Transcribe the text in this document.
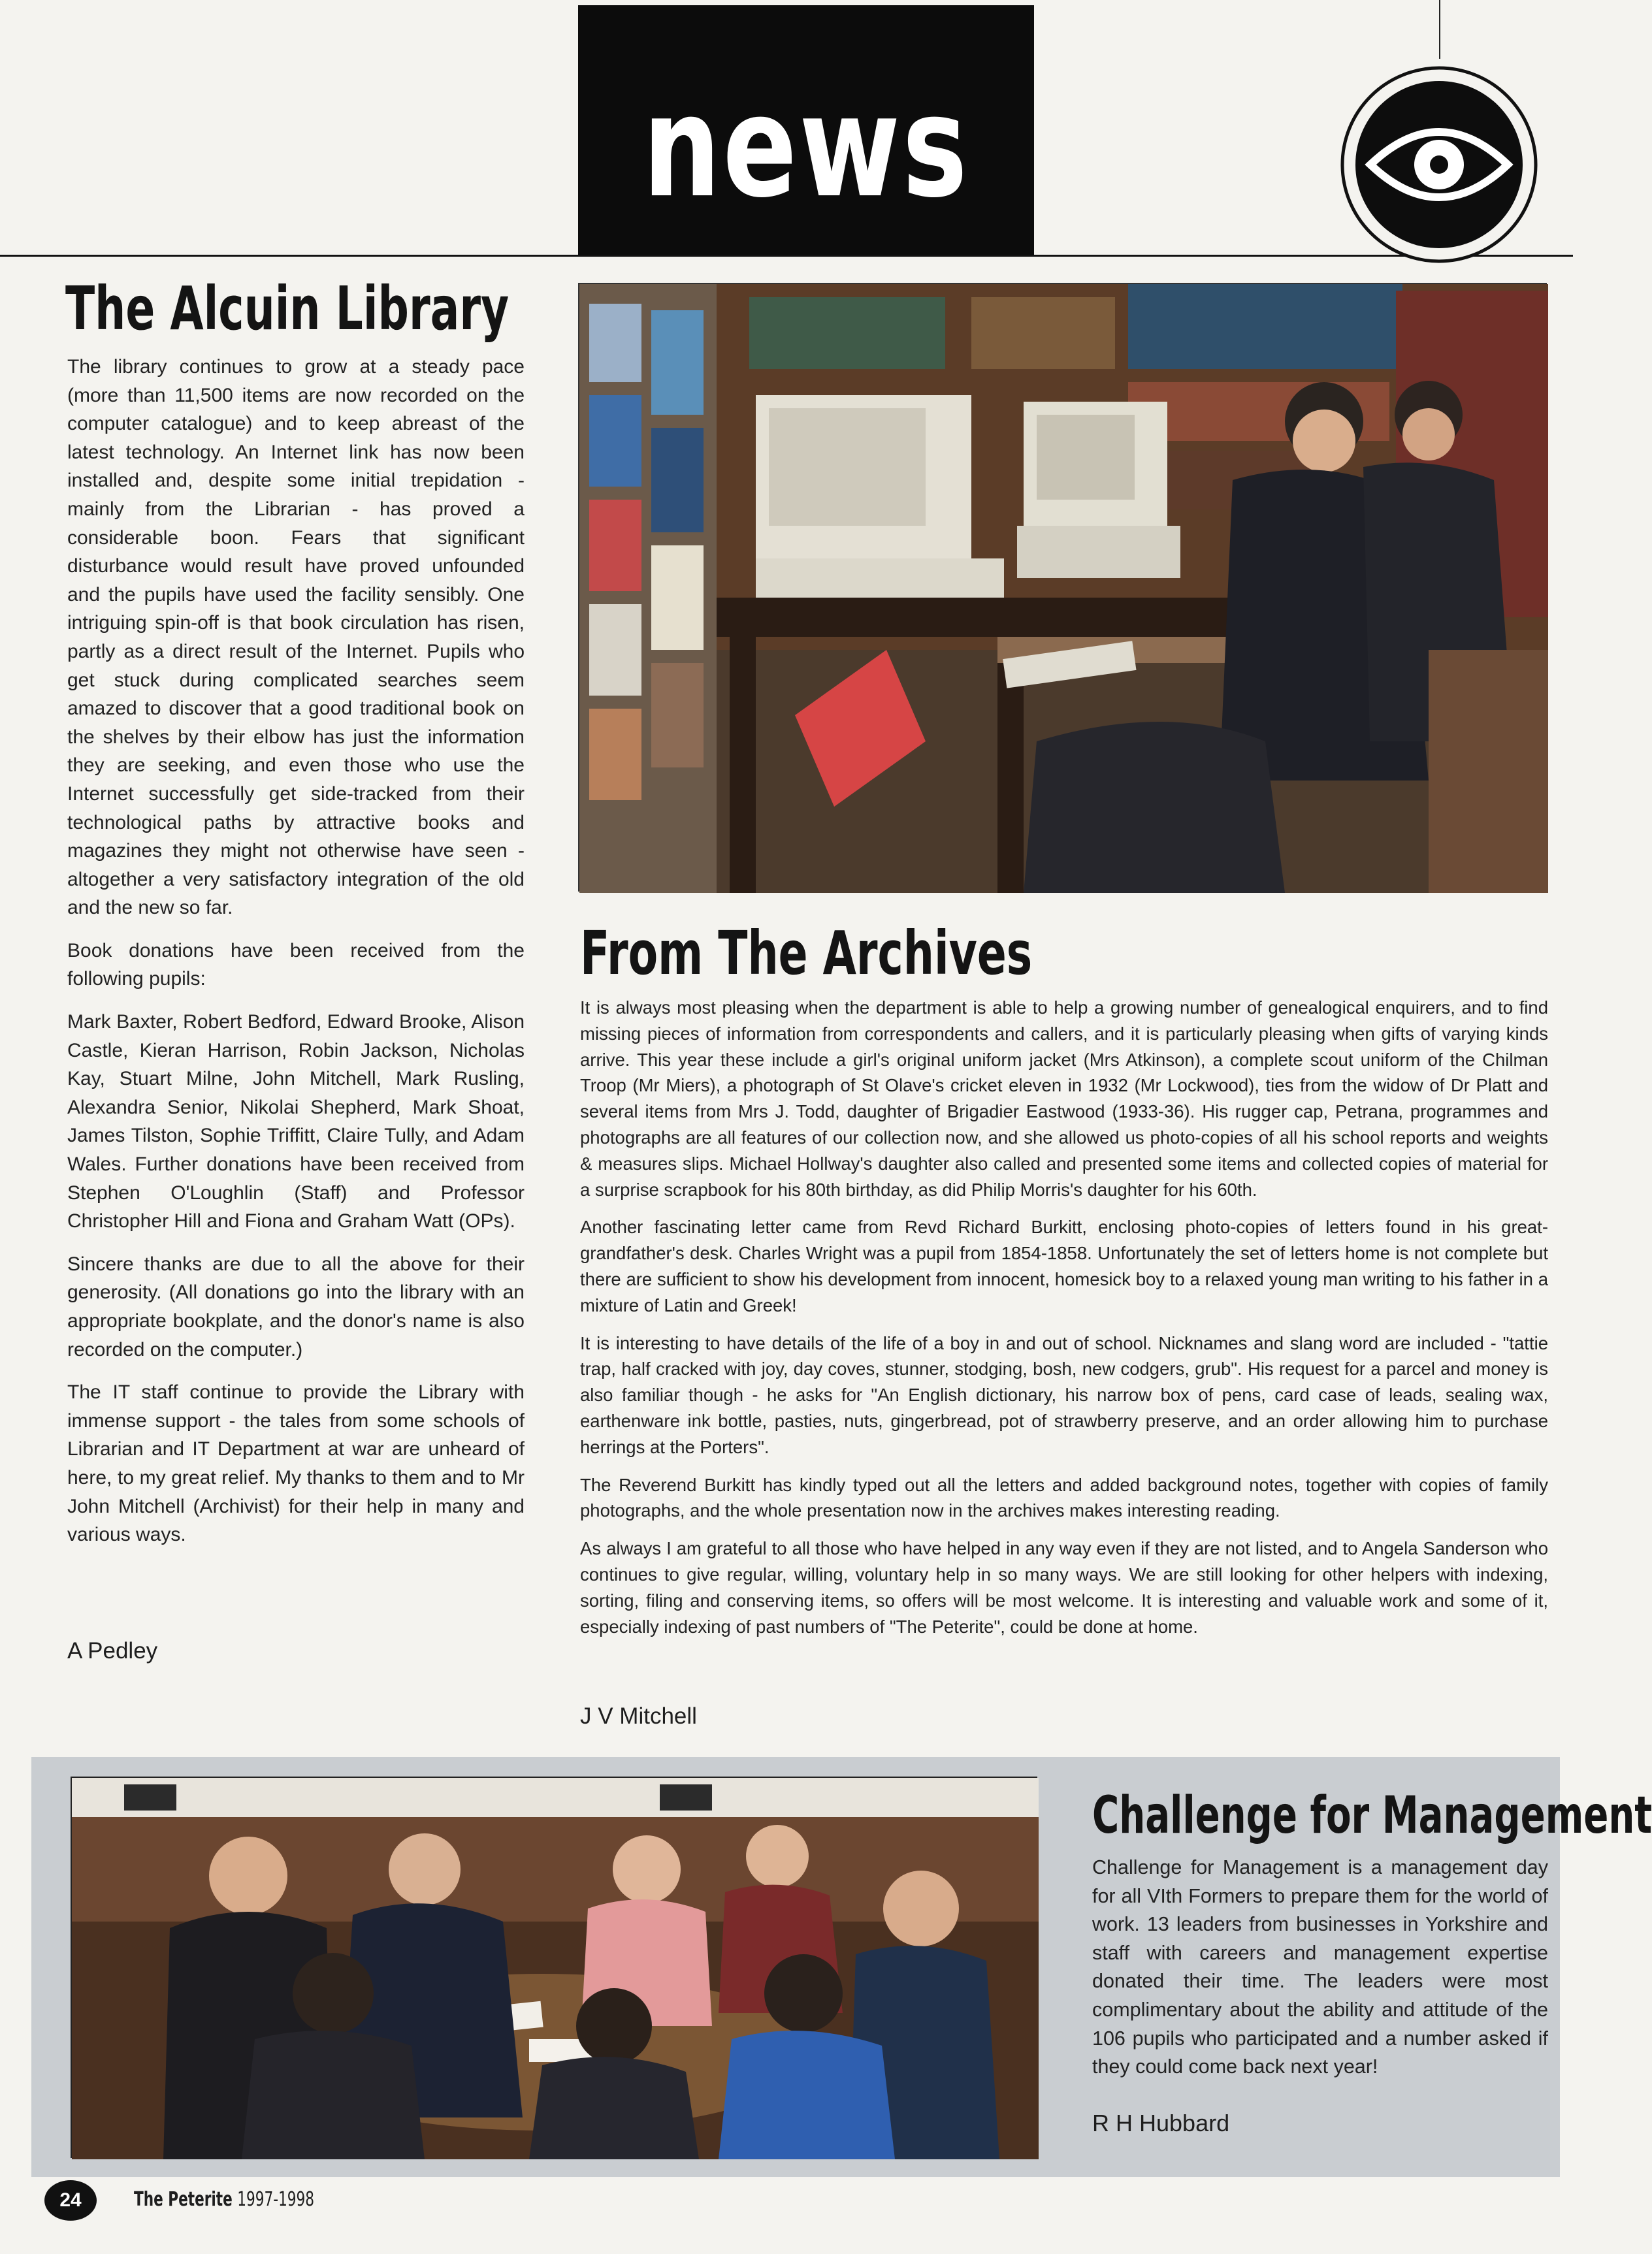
news
The Alcuin Library

The library continues to grow at a steady pace (more than 11,500 items are now recorded on the computer catalogue) and to keep abreast of the latest technology. An Internet link has now been installed and, despite some initial trepidation - mainly from the Librarian - has proved a considerable boon. Fears that significant disturbance would result have proved unfounded and the pupils have used the facility sensibly. One intriguing spin-off is that book circulation has risen, partly as a direct result of the Internet. Pupils who get stuck during complicated searches seem amazed to discover that a good traditional book on the shelves by their elbow has just the information they are seeking, and even those who use the Internet successfully get side-tracked from their technological paths by attractive books and magazines they might not otherwise have seen - altogether a very satisfactory integration of the old and the new so far.

Book donations have been received from the following pupils:

Mark Baxter, Robert Bedford, Edward Brooke, Alison Castle, Kieran Harrison, Robin Jackson, Nicholas Kay, Stuart Milne, John Mitchell, Mark Rusling, Alexandra Senior, Nikolai Shepherd, Mark Shoat, James Tilston, Sophie Triffitt, Claire Tully, and Adam Wales. Further donations have been received from Stephen O'Loughlin (Staff) and Professor Christopher Hill and Fiona and Graham Watt (OPs).

Sincere thanks are due to all the above for their generosity. (All donations go into the library with an appropriate bookplate, and the donor's name is also recorded on the computer.)

The IT staff continue to provide the Library with immense support - the tales from some schools of Librarian and IT Department at war are unheard of here, to my great relief. My thanks to them and to Mr John Mitchell (Archivist) for their help in many and various ways.

A Pedley
From The Archives

It is always most pleasing when the department is able to help a growing number of genealogical enquirers, and to find missing pieces of information from correspondents and callers, and it is particularly pleasing when gifts of varying kinds arrive. This year these include a girl's original uniform jacket (Mrs Atkinson), a complete scout uniform of the Chilman Troop (Mr Miers), a photograph of St Olave's cricket eleven in 1932 (Mr Lockwood), ties from the widow of Dr Platt and several items from Mrs J. Todd, daughter of Brigadier Eastwood (1933-36). His rugger cap, Petrana, programmes and photographs are all features of our collection now, and she allowed us photo-copies of all his school reports and weights & measures slips. Michael Hollway's daughter also called and presented some items and collected copies of material for a surprise scrapbook for his 80th birthday, as did Philip Morris's daughter for his 60th.

Another fascinating letter came from Revd Richard Burkitt, enclosing photo-copies of letters found in his great-grandfather's desk. Charles Wright was a pupil from 1854-1858. Unfortunately the set of letters home is not complete but there are sufficient to show his development from innocent, homesick boy to a relaxed young man writing to his father in a mixture of Latin and Greek!

It is interesting to have details of the life of a boy in and out of school. Nicknames and slang word are included - "tattie trap, half cracked with joy, day coves, stunner, stodging, bosh, new codgers, grub". His request for a parcel and money is also familiar though - he asks for "An English dictionary, his narrow box of pens, card case of leads, sealing wax, earthenware ink bottle, pasties, nuts, gingerbread, pot of strawberry preserve, and an order allowing him to purchase herrings at the Porters".

The Reverend Burkitt has kindly typed out all the letters and added background notes, together with copies of family photographs, and the whole presentation now in the archives makes interesting reading.

As always I am grateful to all those who have helped in any way even if they are not listed, and to Angela Sanderson who continues to give regular, willing, voluntary help in so many ways. We are still looking for other helpers with indexing, sorting, filing and conserving items, so offers will be most welcome. It is interesting and valuable work and some of it, especially indexing of past numbers of "The Peterite", could be done at home.

J V Mitchell
Challenge for Management

Challenge for Management is a management day for all VIth Formers to prepare them for the world of work. 13 leaders from businesses in Yorkshire and staff with careers and management expertise donated their time. The leaders were most complimentary about the ability and attitude of the 106 pupils who participated and a number asked if they could come back next year!

R H Hubbard
24	The Peterite 1997-1998
